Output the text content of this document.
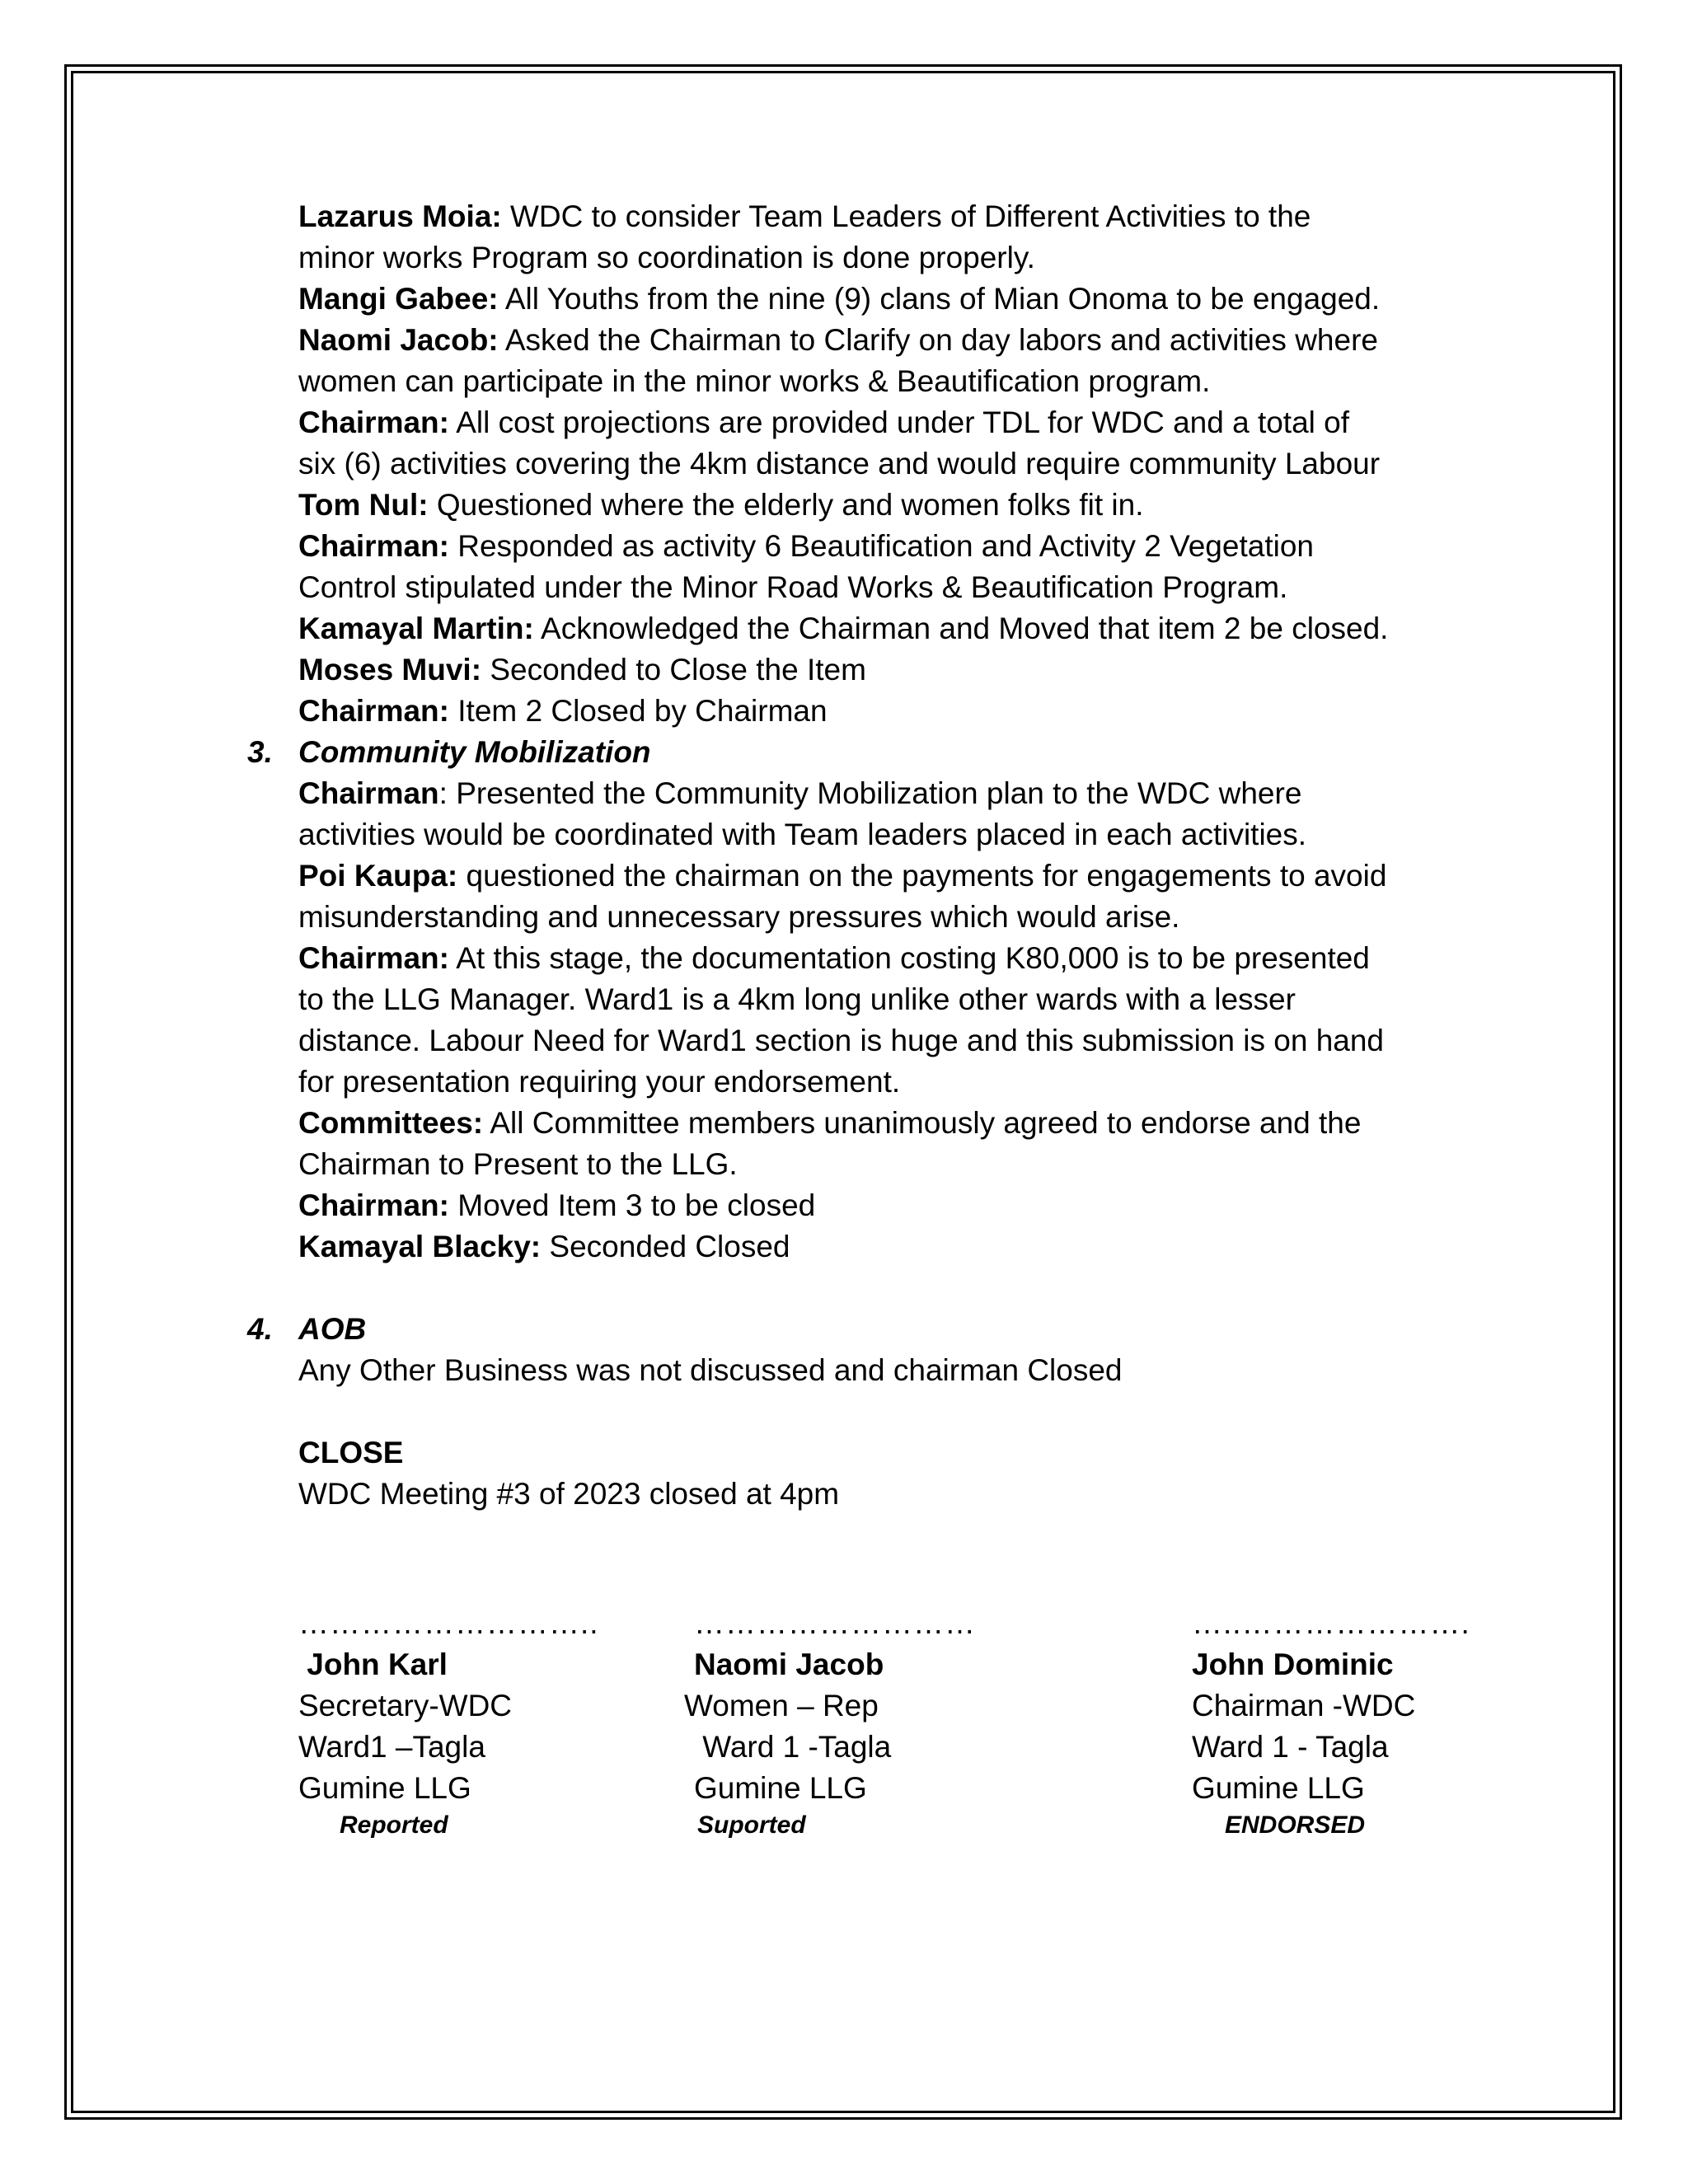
Lazarus Moia: WDC to consider Team Leaders of Different Activities to the
minor works Program so coordination is done properly.
Mangi Gabee: All Youths from the nine (9) clans of Mian Onoma to be engaged.
Naomi Jacob: Asked the Chairman to Clarify on day labors and activities where
women can participate in the minor works & Beautification program.
Chairman: All cost projections are provided under TDL for WDC and a total of
six (6) activities covering the 4km distance and would require community Labour
Tom Nul: Questioned where the elderly and women folks fit in.
Chairman: Responded as activity 6 Beautification and Activity 2 Vegetation
Control stipulated under the Minor Road Works & Beautification Program.
Kamayal Martin: Acknowledged the Chairman and Moved that item 2 be closed.
Moses Muvi: Seconded to Close the Item
Chairman: Item 2 Closed by Chairman
3. Community Mobilization
Chairman: Presented the Community Mobilization plan to the WDC where
activities would be coordinated with Team leaders placed in each activities.
Poi Kaupa: questioned the chairman on the payments for engagements to avoid
misunderstanding and unnecessary pressures which would arise.
Chairman: At this stage, the documentation costing K80,000 is to be presented
to the LLG Manager. Ward1 is a 4km long unlike other wards with a lesser
distance. Labour Need for Ward1 section is huge and this submission is on hand
for presentation requiring your endorsement.
Committees: All Committee members unanimously agreed to endorse and the
Chairman to Present to the LLG.
Chairman: Moved Item 3 to be closed
Kamayal Blacky: Seconded Closed
4. AOB
Any Other Business was not discussed and chairman Closed
CLOSE
WDC Meeting #3 of 2023 closed at 4pm
………………………..
John Karl
Secretary-WDC
Ward1 –Tagla
Gumine LLG
Reported
………………………
Naomi Jacob
Women – Rep
Ward 1 -Tagla
Gumine LLG
Suported
…..………………….
John Dominic
Chairman -WDC
Ward 1 - Tagla
Gumine LLG
ENDORSED
